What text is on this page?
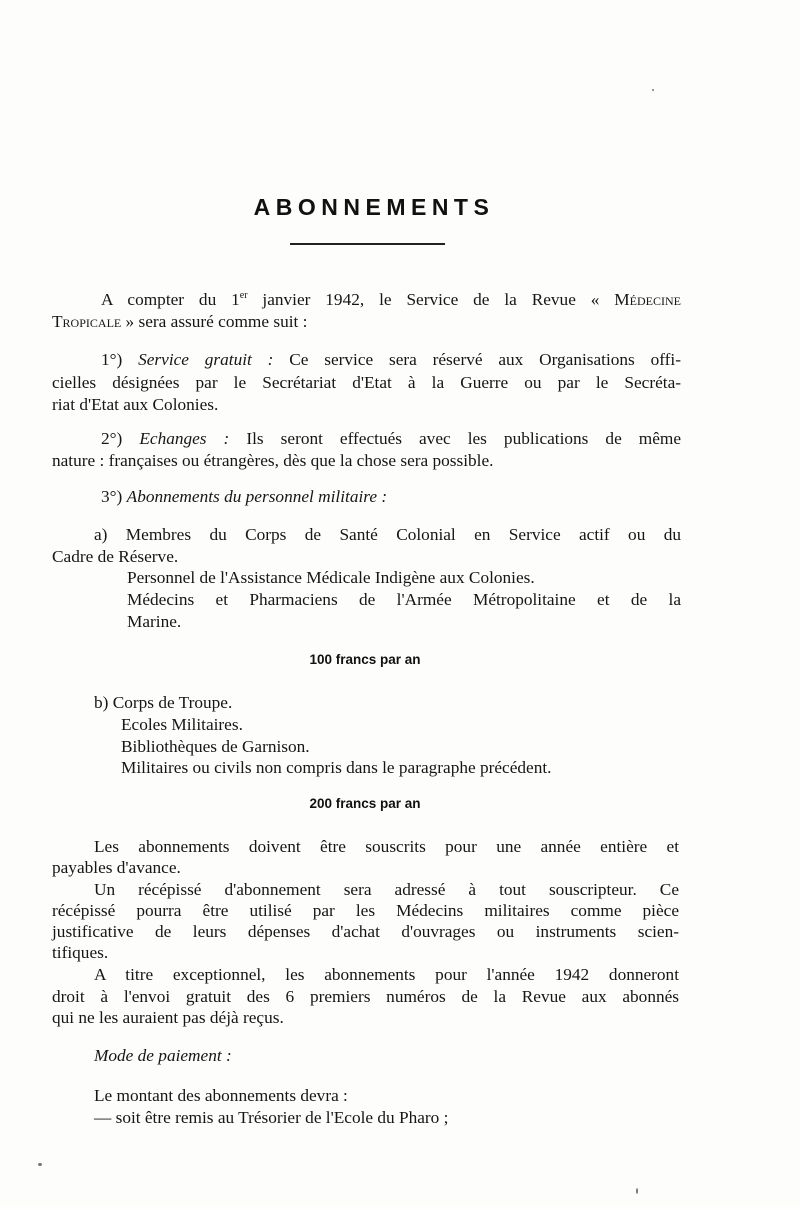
ABONNEMENTS

A compter du 1er janvier 1942, le Service de la Revue « Médecine

Tropicale » sera assuré comme suit :

1°) Service gratuit : Ce service sera réservé aux Organisations offi-

cielles désignées par le Secrétariat d'Etat à la Guerre ou par le Secréta-

riat d'Etat aux Colonies.

2°) Echanges : Ils seront effectués avec les publications de même

nature : françaises ou étrangères, dès que la chose sera possible.

3°) Abonnements du personnel militaire :

a) Membres du Corps de Santé Colonial en Service actif ou du

Cadre de Réserve.

Personnel de l'Assistance Médicale Indigène aux Colonies.

Médecins et Pharmaciens de l'Armée Métropolitaine et de la

Marine.

100 francs par an

b) Corps de Troupe.

Ecoles Militaires.

Bibliothèques de Garnison.

Militaires ou civils non compris dans le paragraphe précédent.

200 francs par an

Les abonnements doivent être souscrits pour une année entière et

payables d'avance.

Un récépissé d'abonnement sera adressé à tout souscripteur. Ce

récépissé pourra être utilisé par les Médecins militaires comme pièce

justificative de leurs dépenses d'achat d'ouvrages ou instruments scien-

tifiques.

A titre exceptionnel, les abonnements pour l'année 1942 donneront

droit à l'envoi gratuit des 6 premiers numéros de la Revue aux abonnés

qui ne les auraient pas déjà reçus.

Mode de paiement :

Le montant des abonnements devra :

— soit être remis au Trésorier de l'Ecole du Pharo ;
